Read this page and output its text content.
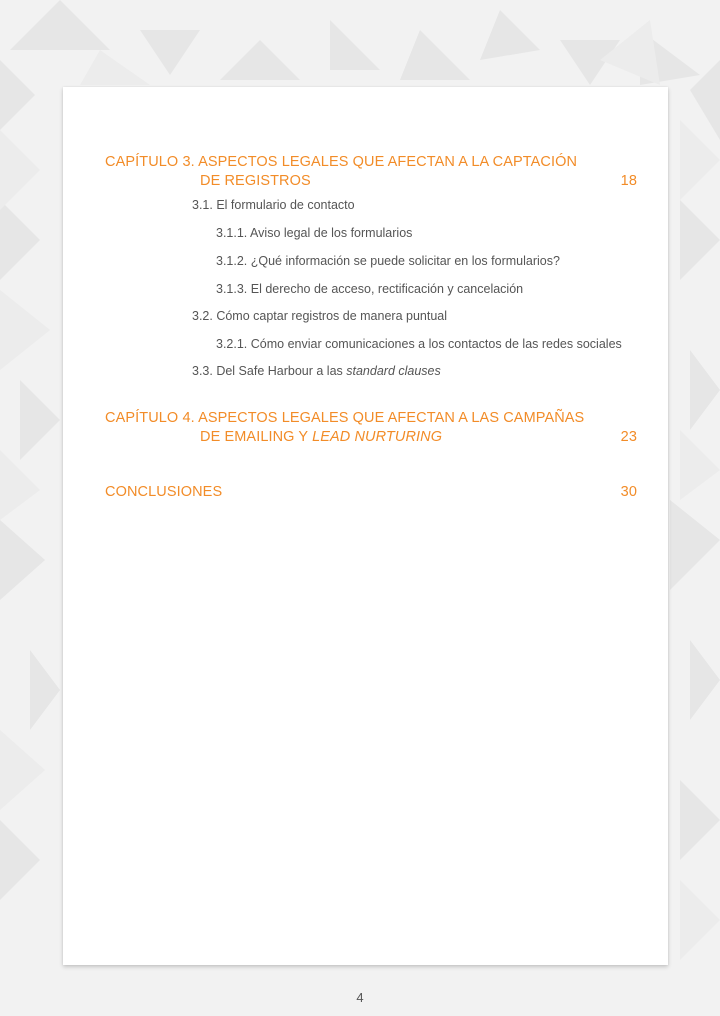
CAPÍTULO 3. ASPECTOS LEGALES QUE AFECTAN A LA CAPTACIÓN
DE REGISTROS	18
3.1. El formulario de contacto
3.1.1. Aviso legal de los formularios
3.1.2. ¿Qué información se puede solicitar en los formularios?
3.1.3. El derecho de acceso, rectificación y cancelación
3.2. Cómo captar registros de manera puntual
3.2.1. Cómo enviar comunicaciones a los contactos de las redes sociales
3.3. Del Safe Harbour a las standard clauses
CAPÍTULO 4. ASPECTOS LEGALES QUE AFECTAN A LAS CAMPAÑAS
DE EMAILING Y LEAD NURTURING	23
CONCLUSIONES	30
4
